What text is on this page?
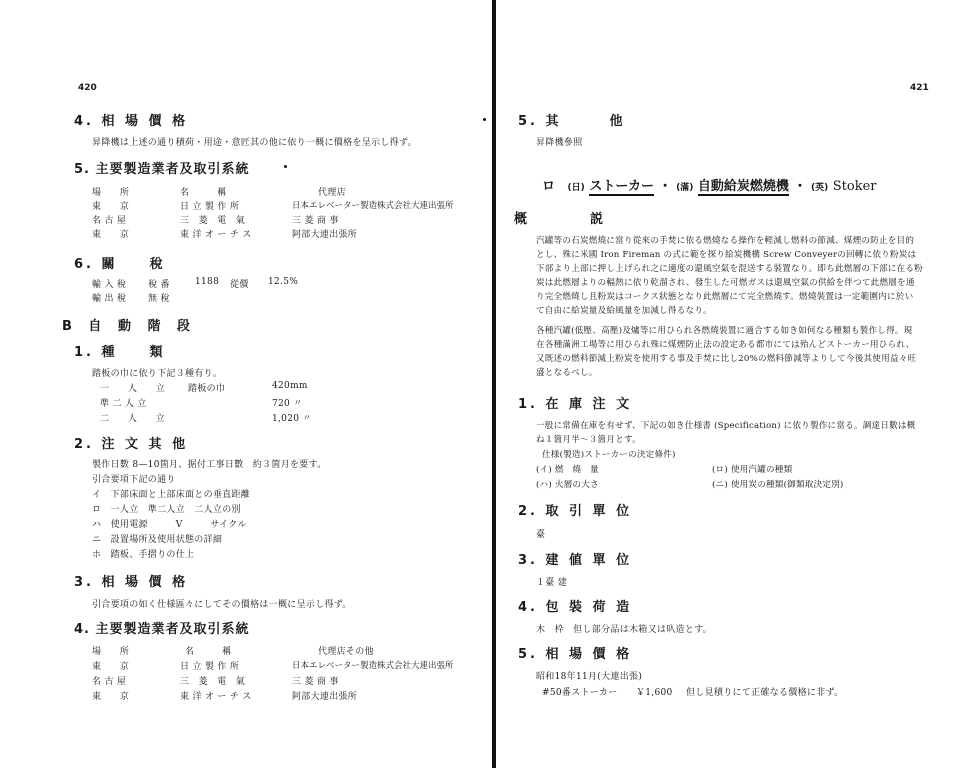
420
4. 相 場 價 格
昇降機は上述の通り積荷・用途・意匠其の他に依り一概に價格を呈示し得ず。
5. 主要製造業者及取引系統
場　　所	名　　　稱	代理店
東　　京	日 立 製 作 所	日本エレベーター製造株式会社大連出張所
名 古 屋	三　菱　電　氣	三 菱 商 事
東　　京	東 洋 オ ー チ ス	阿部大連出張所
6. 關　　稅
輸 入 稅 稅 番	1188 從價 12.5%
輸 出 稅 無 稅
B 自 動 階 段
1. 種　　類
踏板の巾に依り下記３種有り。
一　　人　　立	踏板の巾	420mm
準 二 人 立	720 〃
二　　人　　立	1,020 〃
2. 注 文 其 他
製作日數 8—10箇月、据付工事日數　約３箇月を要す。
引合要項下記の通り
イ　下部床面と上部床面との垂直距離
ロ　一人立　準二人立　二人立の別
ハ　使用電源　　　V　　　サイクル
ニ　設置場所及使用状態の詳細
ホ　踏板、手摺りの仕上
3. 相 場 價 格
引合要項の如く仕様區々にしてその價格は一概に呈示し得ず。
4. 主要製造業者及取引系統
場　　所	名　　　稱	代理店その他
東　　京	日 立 製 作 所	日本エレベーター製造株式会社大連出張所
名 古 屋	三　菱　電　氣	三 菱 商 事
東　　京	東 洋 オ ー チ ス	阿部大連出張所
421
5. 其　　　他
昇降機參照
ロ (日) ストーカー ・ (滿) 自動給炭燃燒機 ・ (英) Stoker
概	説
汽罐等の石炭燃燒に當り從來の手焚に依る燃燒なる操作を輕減し燃料の節減、煤煙の防止を目的
とし、殊に米國 Iron Fireman の式に範を探り給炭機構 Screw Conveyerの回轉に依り粉炭は
下部より上部に押し上げられ之に適度の還風空氣を混送する裝置なり。即ち此燃層の下部に在る粉
炭は此燃層よりの輻熱に依り乾溜され、發生した可燃ガスは還風空氣の供給を伴つて此燃層を通
り完全燃燒し且粉炭はコークス狀態となり此燃層にて完全燃燒す。燃燒裝置は一定範圍内に於い
て自由に給炭量及給風量を加減し得るなり。
各種汽罐(低壓、高壓)及爐等に用ひられ各燃燒裝置に適合する如き如何なる種類も製作し得。現
在各種滿洲工場等に用ひられ殊に煤煙防止法の設定ある都市にては殆んどストーカー用ひられ、
又既述の燃料節減上粉炭を使用する事及手焚に比し20%の燃料節減等よりして今後其使用益々旺
盛となるべし。
1. 在 庫 注 文
一般に常備在庫を有せず、下記の如き仕様書 (Specification) に依り製作に當る。調達日數は概
ね１箇月半〜３箇月とす。
仕様(製造)ストーカーの決定條件)
(イ) 燃　燒　量	(ロ) 使用汽罐の種類
(ハ) 火層の大さ	(ニ) 使用炭の種類(御類取決定別)
2. 取 引 單 位
臺
3. 建 値 單 位
１臺 建
4. 包 裝 荷 造
木　枠　但し部分品は木箱又は叺造とす。
5. 相 場 價 格
昭和18年11月(大連出張)
#50番ストーカー ￥1,600 但し見積りにて正確なる價格に非ず。
